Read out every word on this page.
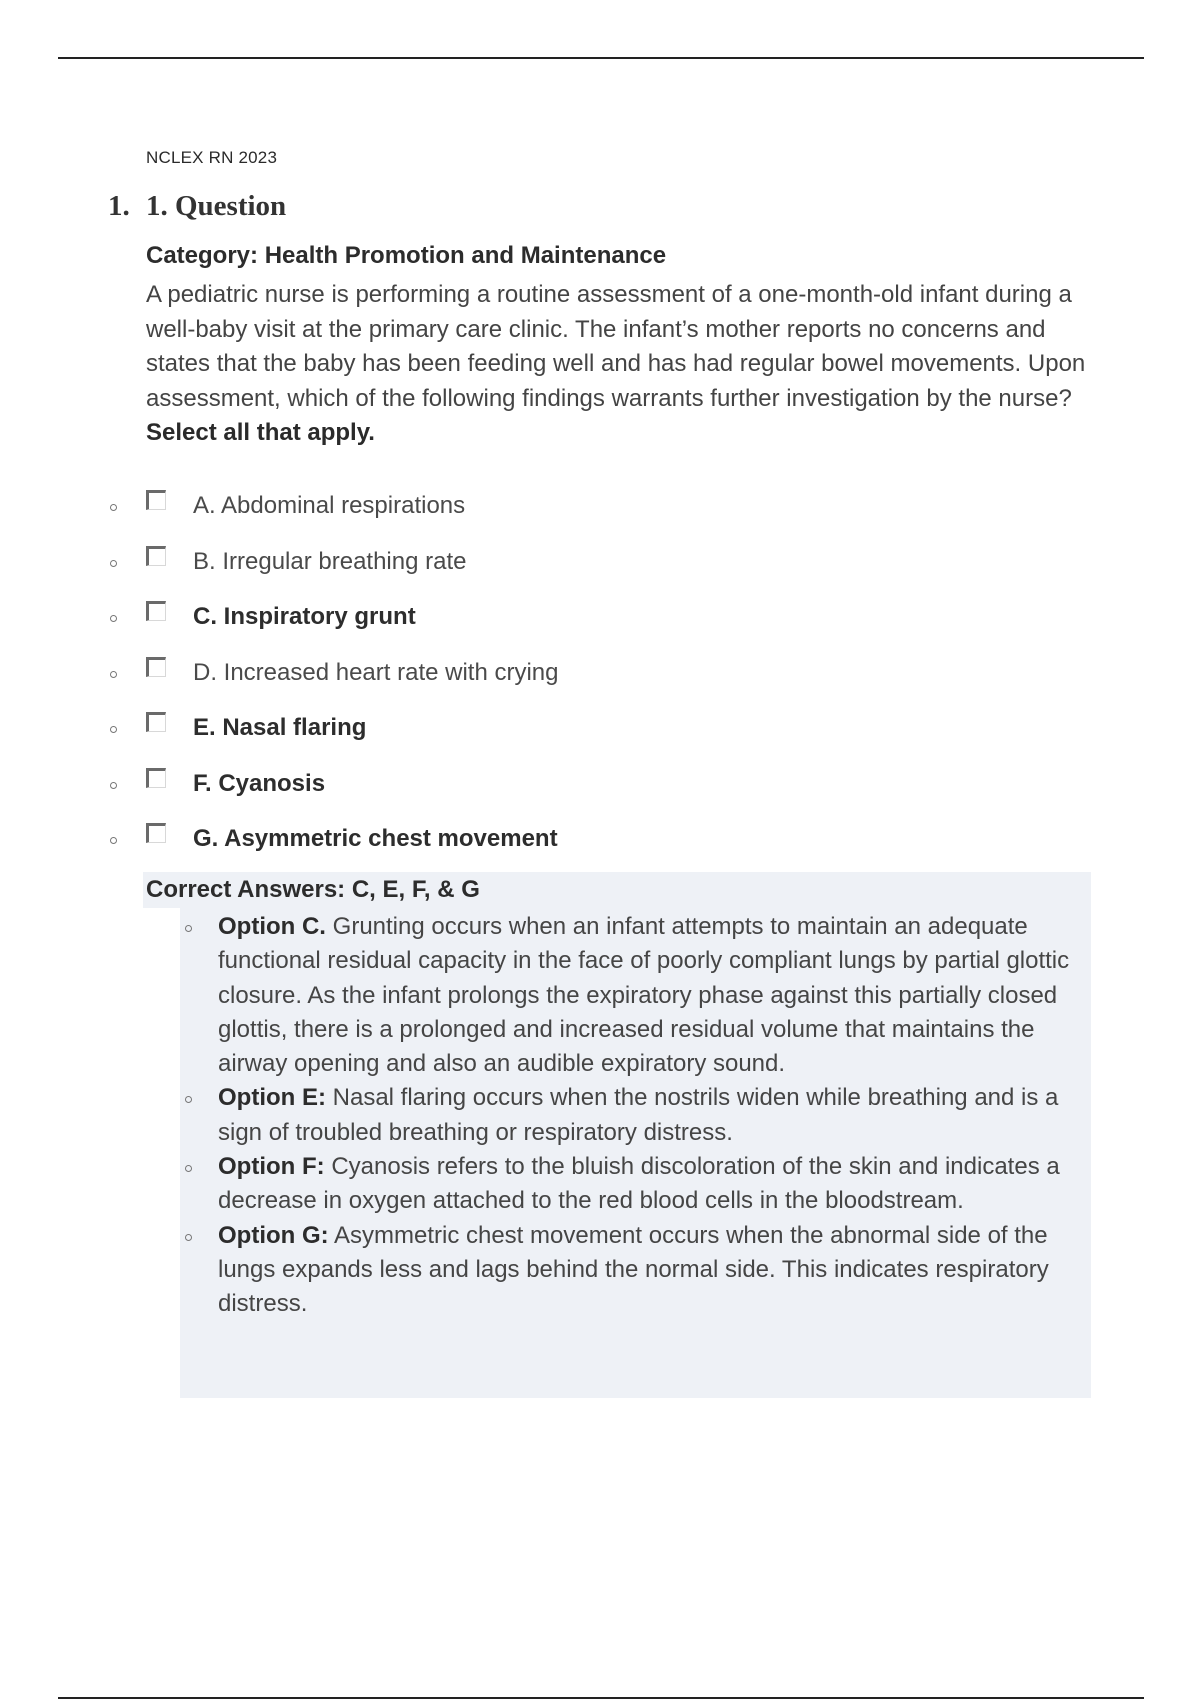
NCLEX RN 2023
1. 1. Question
Category: Health Promotion and Maintenance
A pediatric nurse is performing a routine assessment of a one-month-old infant during a well-baby visit at the primary care clinic. The infant’s mother reports no concerns and states that the baby has been feeding well and has had regular bowel movements. Upon assessment, which of the following findings warrants further investigation by the nurse? Select all that apply.
A. Abdominal respirations
B. Irregular breathing rate
C. Inspiratory grunt
D. Increased heart rate with crying
E. Nasal flaring
F. Cyanosis
G. Asymmetric chest movement
Correct Answers: C, E, F, & G
Option C. Grunting occurs when an infant attempts to maintain an adequate functional residual capacity in the face of poorly compliant lungs by partial glottic closure. As the infant prolongs the expiratory phase against this partially closed glottis, there is a prolonged and increased residual volume that maintains the airway opening and also an audible expiratory sound.
Option E: Nasal flaring occurs when the nostrils widen while breathing and is a sign of troubled breathing or respiratory distress.
Option F: Cyanosis refers to the bluish discoloration of the skin and indicates a decrease in oxygen attached to the red blood cells in the bloodstream.
Option G: Asymmetric chest movement occurs when the abnormal side of the lungs expands less and lags behind the normal side. This indicates respiratory distress.
